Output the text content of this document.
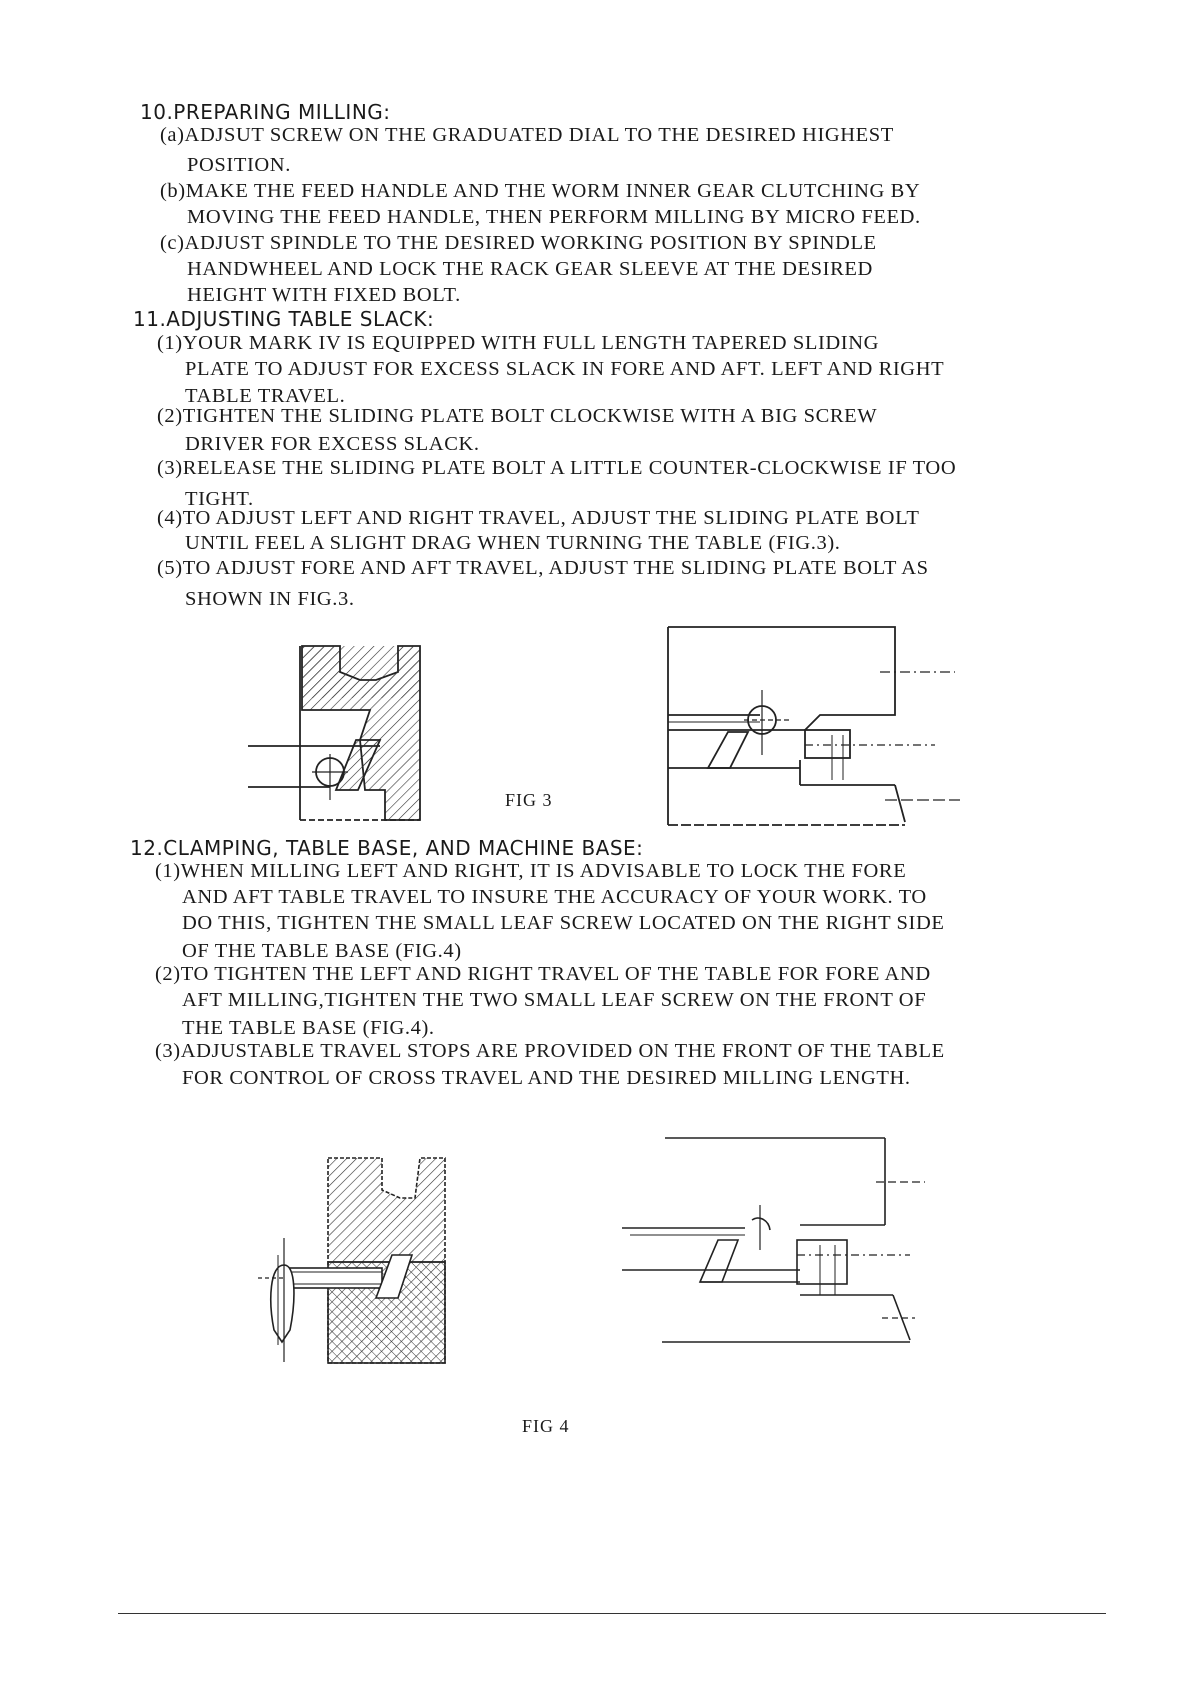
10.PREPARING MILLING:
(a)ADJSUT SCREW ON THE GRADUATED DIAL TO THE DESIRED HIGHEST
POSITION.
(b)MAKE THE FEED HANDLE AND THE WORM INNER GEAR CLUTCHING BY
MOVING THE FEED HANDLE, THEN PERFORM MILLING BY MICRO FEED.
(c)ADJUST SPINDLE TO THE DESIRED WORKING POSITION BY SPINDLE
HANDWHEEL AND LOCK THE RACK GEAR SLEEVE AT THE DESIRED
HEIGHT WITH FIXED BOLT.
11.ADJUSTING TABLE SLACK:
(1)YOUR MARK IV IS EQUIPPED WITH FULL LENGTH TAPERED SLIDING
PLATE TO ADJUST FOR EXCESS SLACK IN FORE AND AFT. LEFT AND RIGHT
TABLE TRAVEL.
(2)TIGHTEN THE SLIDING PLATE BOLT CLOCKWISE WITH A BIG SCREW
DRIVER FOR EXCESS SLACK.
(3)RELEASE THE SLIDING PLATE BOLT A LITTLE COUNTER-CLOCKWISE IF TOO
TIGHT.
(4)TO ADJUST LEFT AND RIGHT TRAVEL, ADJUST THE SLIDING PLATE BOLT
UNTIL FEEL A SLIGHT DRAG WHEN TURNING THE TABLE (FIG.3).
(5)TO ADJUST FORE AND AFT TRAVEL, ADJUST THE SLIDING PLATE BOLT AS
SHOWN IN FIG.3.
FIG 3
12.CLAMPING, TABLE BASE, AND MACHINE BASE:
(1)WHEN MILLING LEFT AND RIGHT, IT IS ADVISABLE TO LOCK THE FORE
AND AFT TABLE TRAVEL TO INSURE THE ACCURACY OF YOUR WORK. TO
DO THIS, TIGHTEN THE SMALL LEAF SCREW LOCATED ON THE RIGHT SIDE
OF THE TABLE BASE (FIG.4)
(2)TO TIGHTEN THE LEFT AND RIGHT TRAVEL OF THE TABLE FOR FORE AND
AFT MILLING,TIGHTEN THE TWO SMALL LEAF SCREW ON THE FRONT OF
THE TABLE BASE (FIG.4).
(3)ADJUSTABLE TRAVEL STOPS ARE PROVIDED ON THE FRONT OF THE TABLE
FOR CONTROL OF CROSS TRAVEL AND THE DESIRED MILLING LENGTH.
FIG 4
